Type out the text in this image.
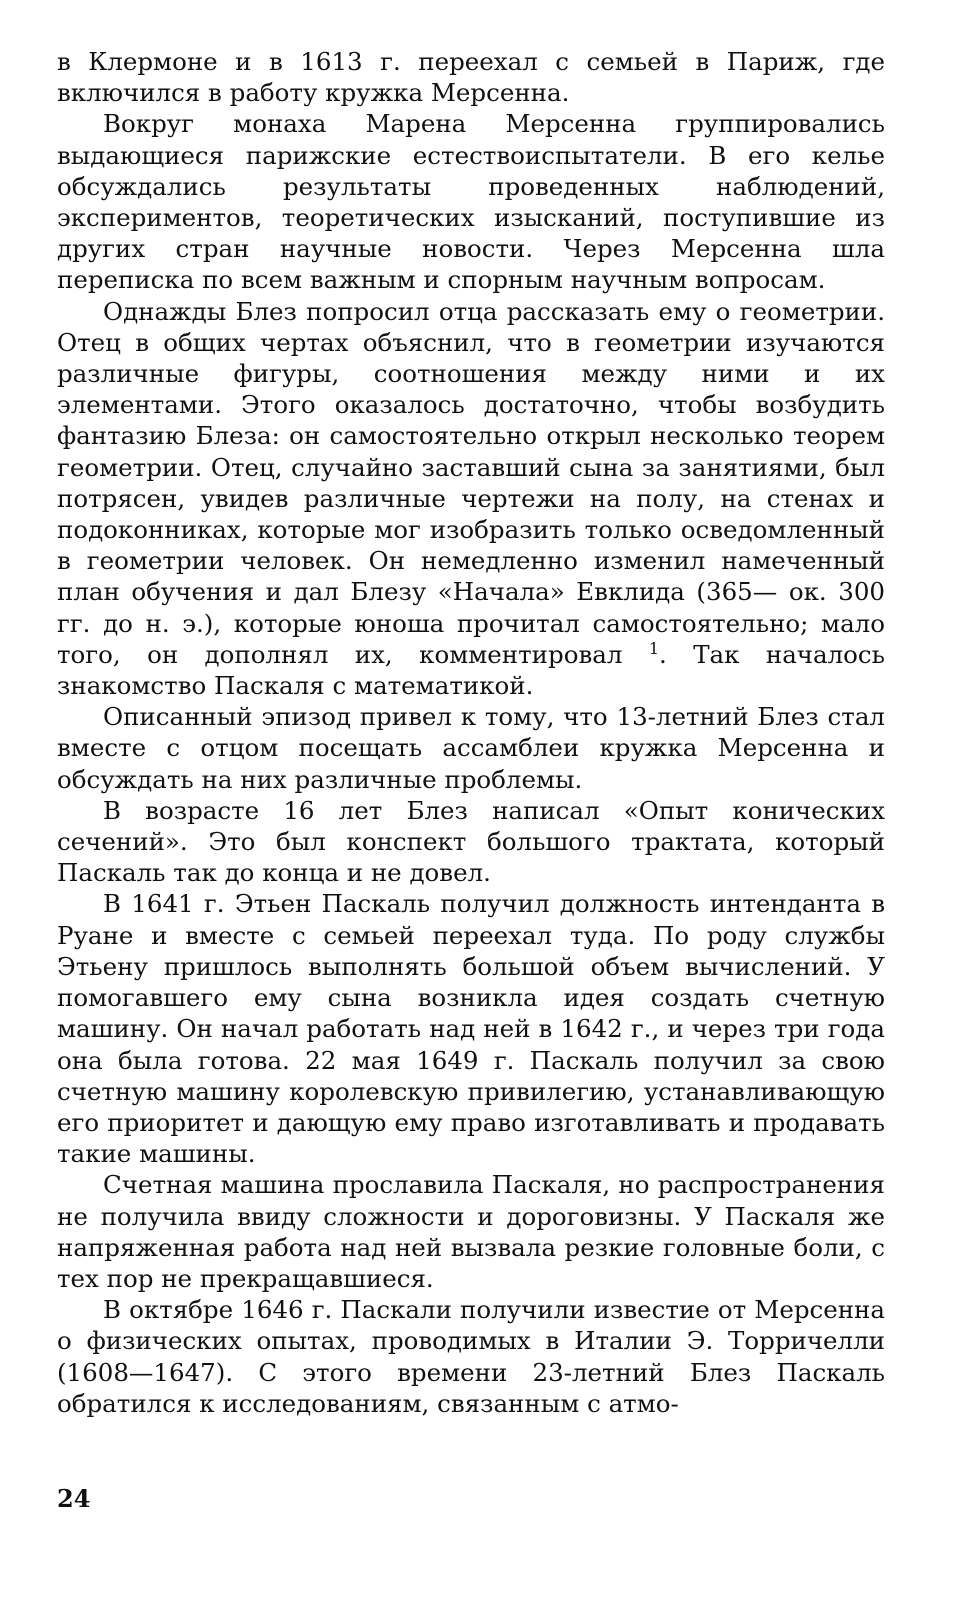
в Клермоне и в 1613 г. переехал с семьей в Париж, где включился в работу кружка Мерсенна.

Вокруг монаха Марена Мерсенна группировались выдающиеся парижские естествоиспытатели. В его келье обсуждались результаты проведенных наблюдений, экспериментов, теоретических изысканий, поступившие из других стран научные новости. Через Мерсенна шла переписка по всем важным и спорным научным вопросам.

Однажды Блез попросил отца рассказать ему о геометрии. Отец в общих чертах объяснил, что в геометрии изучаются различные фигуры, соотношения между ними и их элементами. Этого оказалось достаточно, чтобы возбудить фантазию Блеза: он самостоятельно открыл несколько теорем геометрии. Отец, случайно заставший сына за занятиями, был потрясен, увидев различные чертежи на полу, на стенах и подоконниках, которые мог изобразить только осведомленный в геометрии человек. Он немедленно изменил намеченный план обучения и дал Блезу «Начала» Евклида (365— ок. 300 гг. до н. э.), которые юноша прочитал самостоятельно; мало того, он дополнял их, комментировал $^1$. Так началось знакомство Паскаля с математикой.

Описанный эпизод привел к тому, что 13-летний Блез стал вместе с отцом посещать ассамблеи кружка Мерсенна и обсуждать на них различные проблемы.

В возрасте 16 лет Блез написал «Опыт конических сечений». Это был конспект большого трактата, который Паскаль так до конца и не довел.

В 1641 г. Этьен Паскаль получил должность интенданта в Руане и вместе с семьей переехал туда. По роду службы Этьену пришлось выполнять большой объем вычислений. У помогавшего ему сына возникла идея создать счетную машину. Он начал работать над ней в 1642 г., и через три года она была готова. 22 мая 1649 г. Паскаль получил за свою счетную машину королевскую привилегию, устанавливающую его приоритет и дающую ему право изготавливать и продавать такие машины.

Счетная машина прославила Паскаля, но распространения не получила ввиду сложности и дороговизны. У Паскаля же напряженная работа над ней вызвала резкие головные боли, с тех пор не прекращавшиеся.

В октябре 1646 г. Паскали получили известие от Мерсенна о физических опытах, проводимых в Италии Э. Торричелли (1608—1647). С этого времени 23-летний Блез Паскаль обратился к исследованиям, связанным с атмо-

24
